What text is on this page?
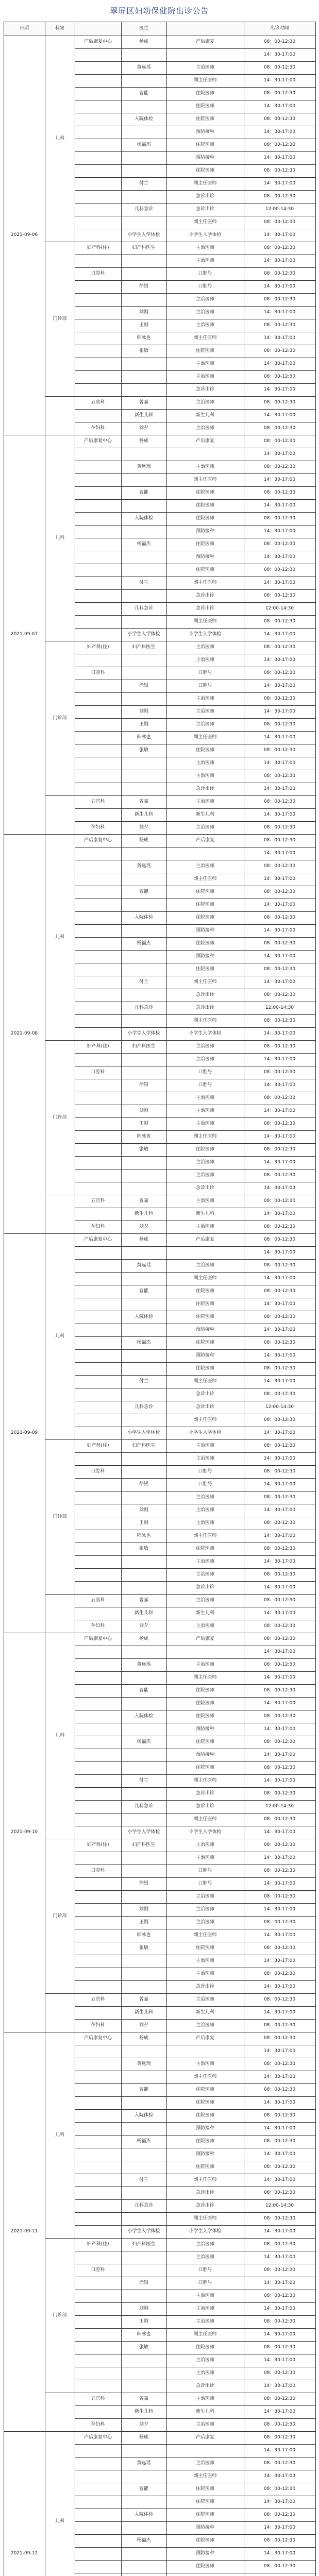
翠屏区妇幼保健院出诊公告
日期	科室		医生		出诊时间
2021-09-06	儿科	产后康复中心	杨成	产后康复	08：00-12:30
					14：30-17:00
			黄远瑶	主治医师	08：00-12:30
				副主任医师	14：30-17:00
			曹能	住院医师	08：00-12:30
				住院医师	14：30-17:00
			入院体检	住院医师	08：00-12:30
				预防接种	14：30-17:00
			杨福杰	住院医师	08：00-12:30
				预防接种	14：30-17:00
				住院医师	08：00-12:30
			付兰	副主任医师	14：30-17:00
				急诊出诊	08：00-12:30
			儿科急诊	急诊出诊	12:00-14:30
				副主任医师	08：00-12:30
			小学生入学体检	小学生入学体检	14：30-17:00
	门诊部	妇产科(住)	妇产科医生	主治医师	08：00-12:30
				主治医师	14：30-17:00
		口腔科		口腔号	08：00-12:30
			徐银	口腔号	14：30-17:00
				主治医师	08：00-12:30
			刘刚	主治医师	14：30-17:00
			王刚	主治医师	08：00-12:30
			韩冰也	副主任医师	14：30-17:00
			张敏	住院医师	08：00-12:30
				主治医师	14：30-17:00
				主治医师	08：00-12:30
				急诊出诊	14：30-17:00
		五官科	曾嘉	主治医师	08：00-12:30
			新生儿科	新生儿科	14：30-17:00
		孕妇科	刘夕	主治医师	08：00-12:30
2021-09-07	儿科	产后康复中心	杨成	产后康复	08：00-12:30
					14：30-17:00
			黄远瑶	主治医师	08：00-12:30
				副主任医师	14：30-17:00
			曹能	住院医师	08：00-12:30
				住院医师	14：30-17:00
			入院体检	住院医师	08：00-12:30
				预防接种	14：30-17:00
			杨福杰	住院医师	08：00-12:30
				预防接种	14：30-17:00
				住院医师	08：00-12:30
			付兰	副主任医师	14：30-17:00
				急诊出诊	08：00-12:30
			儿科急诊	急诊出诊	12:00-14:30
				副主任医师	08：00-12:30
			小学生入学体检	小学生入学体检	14：30-17:00
	门诊部	妇产科(住)	妇产科医生	主治医师	08：00-12:30
				主治医师	14：30-17:00
		口腔科		口腔号	08：00-12:30
			徐银	口腔号	14：30-17:00
				主治医师	08：00-12:30
			刘刚	主治医师	14：30-17:00
			王刚	主治医师	08：00-12:30
			韩冰也	副主任医师	14：30-17:00
			张敏	住院医师	08：00-12:30
				主治医师	14：30-17:00
				主治医师	08：00-12:30
				急诊出诊	14：30-17:00
		五官科	曾嘉	主治医师	08：00-12:30
			新生儿科	新生儿科	14：30-17:00
		孕妇科	刘夕	主治医师	08：00-12:30
2021-09-08	儿科	产后康复中心	杨成	产后康复	08：00-12:30
					14：30-17:00
			黄远瑶	主治医师	08：00-12:30
				副主任医师	14：30-17:00
			曹能	住院医师	08：00-12:30
				住院医师	14：30-17:00
			入院体检	住院医师	08：00-12:30
				预防接种	14：30-17:00
			杨福杰	住院医师	08：00-12:30
				预防接种	14：30-17:00
				住院医师	08：00-12:30
			付兰	副主任医师	14：30-17:00
				急诊出诊	08：00-12:30
			儿科急诊	急诊出诊	12:00-14:30
				副主任医师	08：00-12:30
			小学生入学体检	小学生入学体检	14：30-17:00
	门诊部	妇产科(住)	妇产科医生	主治医师	08：00-12:30
				主治医师	14：30-17:00
		口腔科		口腔号	08：00-12:30
			徐银	口腔号	14：30-17:00
				主治医师	08：00-12:30
			刘刚	主治医师	14：30-17:00
			王刚	主治医师	08：00-12:30
			韩冰也	副主任医师	14：30-17:00
			张敏	住院医师	08：00-12:30
				主治医师	14：30-17:00
				主治医师	08：00-12:30
				急诊出诊	14：30-17:00
		五官科	曾嘉	主治医师	08：00-12:30
			新生儿科	新生儿科	14：30-17:00
		孕妇科	刘夕	主治医师	08：00-12:30
2021-09-09	儿科	产后康复中心	杨成	产后康复	08：00-12:30
					14：30-17:00
			黄远瑶	主治医师	08：00-12:30
				副主任医师	14：30-17:00
			曹能	住院医师	08：00-12:30
				住院医师	14：30-17:00
			入院体检	住院医师	08：00-12:30
				预防接种	14：30-17:00
			杨福杰	住院医师	08：00-12:30
				预防接种	14：30-17:00
				住院医师	08：00-12:30
			付兰	副主任医师	14：30-17:00
				急诊出诊	08：00-12:30
			儿科急诊	急诊出诊	12:00-14:30
				副主任医师	08：00-12:30
			小学生入学体检	小学生入学体检	14：30-17:00
	门诊部	妇产科(住)	妇产科医生	主治医师	08：00-12:30
				主治医师	14：30-17:00
		口腔科		口腔号	08：00-12:30
			徐银	口腔号	14：30-17:00
				主治医师	08：00-12:30
			刘刚	主治医师	14：30-17:00
			王刚	主治医师	08：00-12:30
			韩冰也	副主任医师	14：30-17:00
			张敏	住院医师	08：00-12:30
				主治医师	14：30-17:00
				主治医师	08：00-12:30
				急诊出诊	14：30-17:00
		五官科	曾嘉	主治医师	08：00-12:30
			新生儿科	新生儿科	14：30-17:00
		孕妇科	刘夕	主治医师	08：00-12:30
2021-09-10	儿科	产后康复中心	杨成	产后康复	08：00-12:30
					14：30-17:00
			黄远瑶	主治医师	08：00-12:30
				副主任医师	14：30-17:00
			曹能	住院医师	08：00-12:30
				住院医师	14：30-17:00
			入院体检	住院医师	08：00-12:30
				预防接种	14：30-17:00
			杨福杰	住院医师	08：00-12:30
				预防接种	14：30-17:00
				住院医师	08：00-12:30
			付兰	副主任医师	14：30-17:00
				急诊出诊	08：00-12:30
			儿科急诊	急诊出诊	12:00-14:30
				副主任医师	08：00-12:30
			小学生入学体检	小学生入学体检	14：30-17:00
	门诊部	妇产科(住)	妇产科医生	主治医师	08：00-12:30
				主治医师	14：30-17:00
		口腔科		口腔号	08：00-12:30
			徐银	口腔号	14：30-17:00
				主治医师	08：00-12:30
			刘刚	主治医师	14：30-17:00
			王刚	主治医师	08：00-12:30
			韩冰也	副主任医师	14：30-17:00
			张敏	住院医师	08：00-12:30
				主治医师	14：30-17:00
				主治医师	08：00-12:30
				急诊出诊	14：30-17:00
		五官科	曾嘉	主治医师	08：00-12:30
			新生儿科	新生儿科	14：30-17:00
		孕妇科	刘夕	主治医师	08：00-12:30
2021-09-11	儿科	产后康复中心	杨成	产后康复	08：00-12:30
					14：30-17:00
			黄远瑶	主治医师	08：00-12:30
				副主任医师	14：30-17:00
			曹能	住院医师	08：00-12:30
				住院医师	14：30-17:00
			入院体检	住院医师	08：00-12:30
				预防接种	14：30-17:00
			杨福杰	住院医师	08：00-12:30
				预防接种	14：30-17:00
				住院医师	08：00-12:30
			付兰	副主任医师	14：30-17:00
				急诊出诊	08：00-12:30
			儿科急诊	急诊出诊	12:00-14:30
				副主任医师	08：00-12:30
			小学生入学体检	小学生入学体检	14：30-17:00
	门诊部	妇产科(住)	妇产科医生	主治医师	08：00-12:30
				主治医师	14：30-17:00
		口腔科		口腔号	08：00-12:30
			徐银	口腔号	14：30-17:00
				主治医师	08：00-12:30
			刘刚	主治医师	14：30-17:00
			王刚	主治医师	08：00-12:30
			韩冰也	副主任医师	14：30-17:00
			张敏	住院医师	08：00-12:30
				主治医师	14：30-17:00
				主治医师	08：00-12:30
				急诊出诊	14：30-17:00
		五官科	曾嘉	主治医师	08：00-12:30
			新生儿科	新生儿科	14：30-17:00
		孕妇科	刘夕	主治医师	08：00-12:30
2021-09-12	儿科	产后康复中心	杨成	产后康复	08：00-12:30
					14：30-17:00
			黄远瑶	主治医师	08：00-12:30
				副主任医师	14：30-17:00
			曹能	住院医师	08：00-12:30
				住院医师	14：30-17:00
			入院体检	住院医师	08：00-12:30
				预防接种	14：30-17:00
			杨福杰	住院医师	08：00-12:30
				预防接种	14：30-17:00
				住院医师	08：00-12:30
